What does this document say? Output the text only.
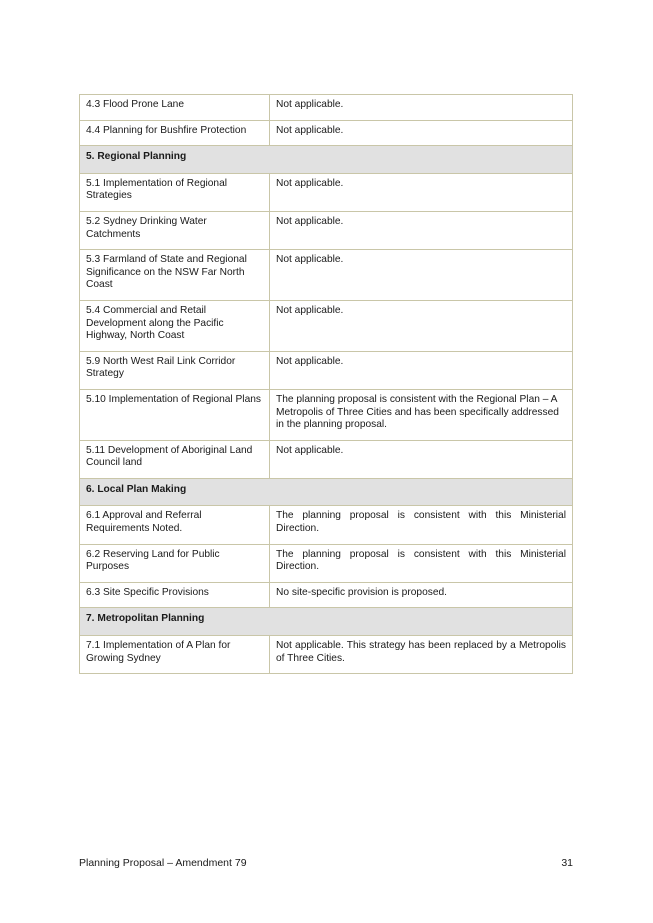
4.3 Flood Prone Lane	Not applicable.
4.4 Planning for Bushfire Protection	Not applicable.
5. Regional Planning	
5.1 Implementation of Regional Strategies	Not applicable.
5.2 Sydney Drinking Water Catchments	Not applicable.
5.3 Farmland of State and Regional Significance on the NSW Far North Coast	Not applicable.
5.4 Commercial and Retail Development along the Pacific Highway, North Coast	Not applicable.
5.9 North West Rail Link Corridor Strategy	Not applicable.
5.10 Implementation of Regional Plans	The planning proposal is consistent with the Regional Plan – A Metropolis of Three Cities and has been specifically addressed in the planning proposal.
5.11 Development of Aboriginal Land Council land	Not applicable.
6. Local Plan Making	
6.1 Approval and Referral Requirements Noted.	The planning proposal is consistent with this Ministerial Direction.
6.2 Reserving Land for Public Purposes	The planning proposal is consistent with this Ministerial Direction.
6.3 Site Specific Provisions	No site-specific provision is proposed.
7. Metropolitan Planning	
7.1 Implementation of A Plan for Growing Sydney	Not applicable. This strategy has been replaced by a Metropolis of Three Cities.
Planning Proposal – Amendment 79	31
